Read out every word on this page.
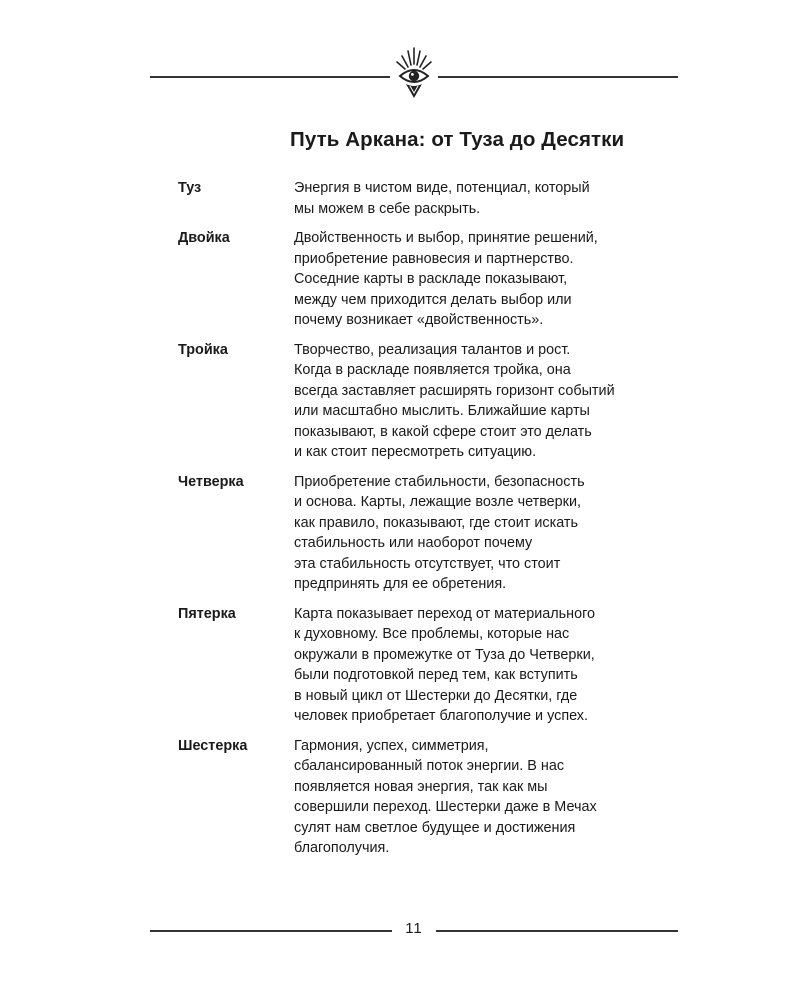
Путь Аркана: от Туза до Десятки
Туз	Энергия в чистом виде, потенциал, который
мы можем в себе раскрыть.
Двойка	Двойственность и выбор, принятие решений,
приобретение равновесия и партнерство.
Соседние карты в раскладе показывают,
между чем приходится делать выбор или
почему возникает «двойственность».
Тройка	Творчество, реализация талантов и рост.
Когда в раскладе появляется тройка, она
всегда заставляет расширять горизонт событий
или масштабно мыслить. Ближайшие карты
показывают, в какой сфере стоит это делать
и как стоит пересмотреть ситуацию.
Четверка	Приобретение стабильности, безопасность
и основа. Карты, лежащие возле четверки,
как правило, показывают, где стоит искать
стабильность или наоборот почему
эта стабильность отсутствует, что стоит
предпринять для ее обретения.
Пятерка	Карта показывает переход от материального
к духовному. Все проблемы, которые нас
окружали в промежутке от Туза до Четверки,
были подготовкой перед тем, как вступить
в новый цикл от Шестерки до Десятки, где
человек приобретает благополучие и успех.
Шестерка	Гармония, успех, симметрия,
сбалансированный поток энергии. В нас
появляется новая энергия, так как мы
совершили переход. Шестерки даже в Мечах
сулят нам светлое будущее и достижения
благополучия.
11
